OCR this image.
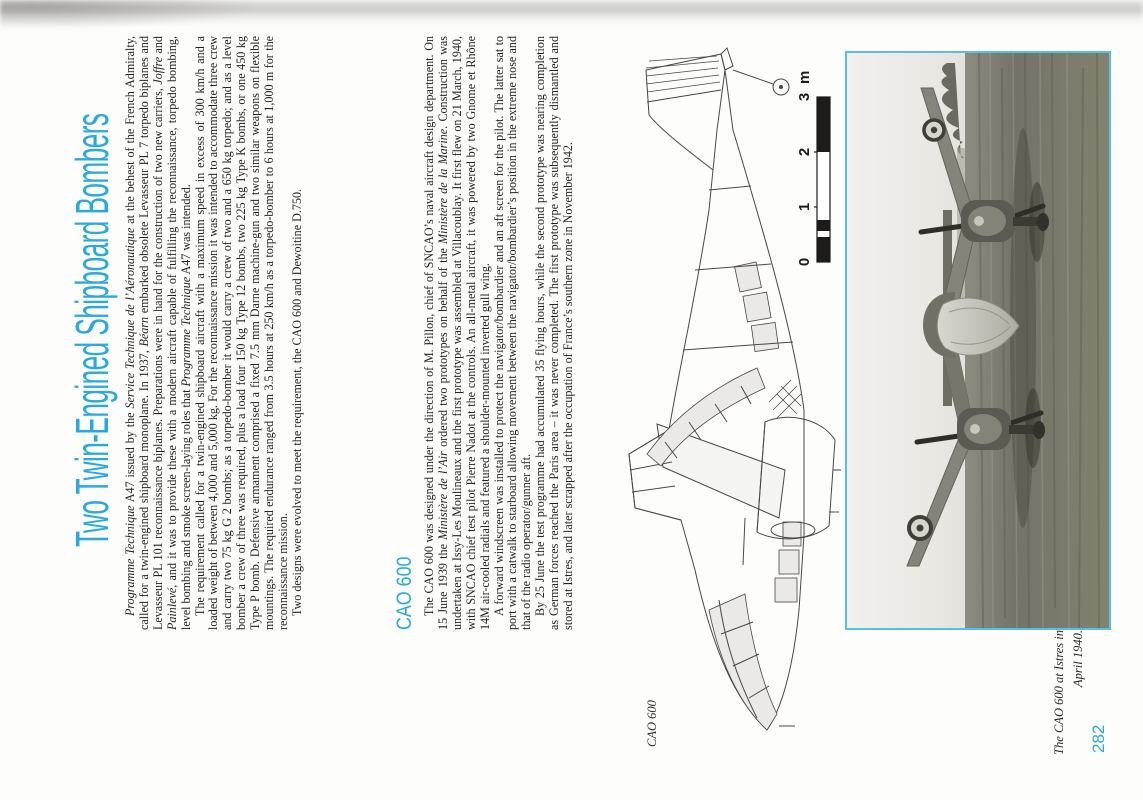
Two Twin-Engined Shipboard Bombers

Programme Technique A47 issued by the Service Technique de l’Aéronautique at the behest of the French Admiralty, called for a twin-engined shipboard monoplane. In 1937, Béarn embarked obsolete Levasseur PL 7 torpedo biplanes and Levasseur PL 101 reconnaissance biplanes. Preparations were in hand for the construction of two new carriers, Joffre and Painlevé, and it was to provide these with a modern aircraft capable of fulfilling the reconnaissance, torpedo bombing, level bombing and smoke screen-laying roles that Programme Technique A47 was intended. The requirement called for a twin-engined shipboard aircraft with a maximum speed in excess of 300 km/h and a loaded weight of between 4,000 and 5,000 kg. For the reconnaissance mission it was intended to accommodate three crew and carry two 75 kg G 2 bombs; as a torpedo-bomber it would carry a crew of two and a 650 kg torpedo; and as a level bomber a crew of three was required, plus a load four 150 kg Type 12 bombs, two 225 kg Type K bombs, or one 450 kg Type P bomb. Defensive armament comprised a fixed 7.5 mm Darne machine-gun and two similar weapons on flexible mountings. The required endurance ranged from 3.5 hours at 250 km/h as a torpedo-bomber to 6 hours at 1,000 m for the reconnaissance mission. Two designs were evolved to meet the requirement, the CAO 600 and Dewoitine D.750.	CAO 600 The CAO 600 was designed under the direction of M. Pillon, chief of SNCAO’s naval aircraft design department. On 15 June 1939 the Ministère de l’Air ordered two prototypes on behalf of the Ministère de la Marine. Construction was undertaken at Issy-Les Moulineaux and the first prototype was assembled at Villacoublay. It first flew on 21 March, 1940, with SNCAO chief test pilot Pierre Nadot at the controls. An all-metal aircraft, it was powered by two Gnome et Rhône 14M air-cooled radials and featured a shoulder-mounted inverted gull wing. A forward windscreen was installed to protect the navigator/bombardier and an aft screen for the pilot. The latter sat to port with a catwalk to starboard allowing movement between the navigator/bombardier’s position in the extreme nose and that of the radio operator/gunner aft. By 25 June the test programme had accumulated 35 flying hours, while the second prototype was nearing completion as German forces reached the Paris area – it was never completed. The first prototype was subsequently dismantled and stored at Istres, and later scrapped after the occupation of France’s southern zone in November 1942.

CAO 600
0
1
2
3
m
The CAO 600 at Istres in April 1940.
282
